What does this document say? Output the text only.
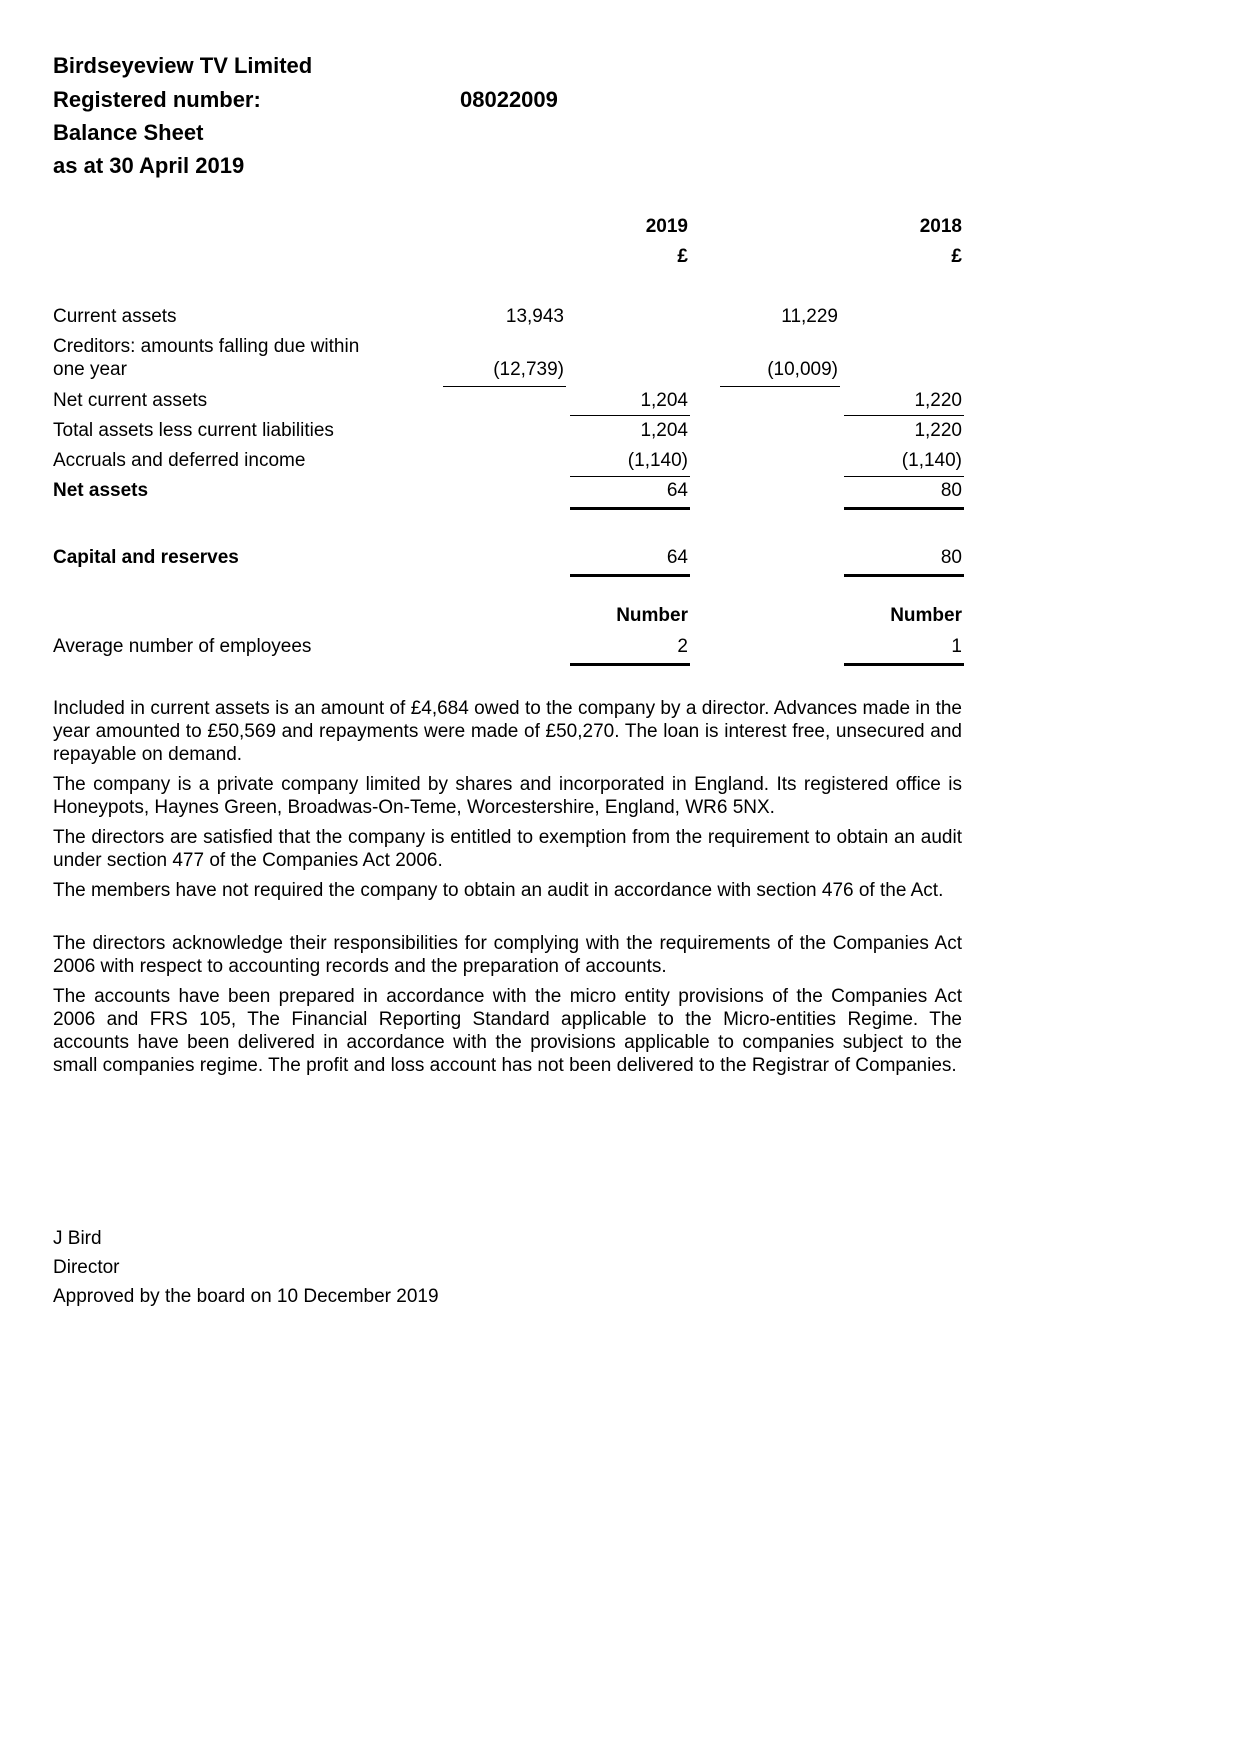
Birdseyeview TV Limited
Registered number:	08022009
Balance Sheet
as at 30 April 2019
2019	2018
£	£
Current assets	13,943	11,229
Creditors: amounts falling due within
one year	(12,739)	(10,009)
Net current assets	1,204	1,220
Total assets less current liabilities	1,204	1,220
Accruals and deferred income	(1,140)	(1,140)
Net assets	64	80
Capital and reserves	64	80
Number	Number
Average number of employees	2	1

Included in current assets is an amount of £4,684 owed to the company by a director. Advances made in the year amounted to £50,569 and repayments were made of £50,270. The loan is interest free, unsecured and repayable on demand.

The company is a private company limited by shares and incorporated in England. Its registered office is Honeypots, Haynes Green, Broadwas-On-Teme, Worcestershire, England, WR6 5NX.

The directors are satisfied that the company is entitled to exemption from the requirement to obtain an audit under section 477 of the Companies Act 2006.

The members have not required the company to obtain an audit in accordance with section 476 of the Act.

The directors acknowledge their responsibilities for complying with the requirements of the Companies Act 2006 with respect to accounting records and the preparation of accounts.

The accounts have been prepared in accordance with the micro entity provisions of the Companies Act 2006 and FRS 105, The Financial Reporting Standard applicable to the Micro-entities Regime. The accounts have been delivered in accordance with the provisions applicable to companies subject to the small companies regime. The profit and loss account has not been delivered to the Registrar of Companies.

J Bird
Director
Approved by the board on 10 December 2019
